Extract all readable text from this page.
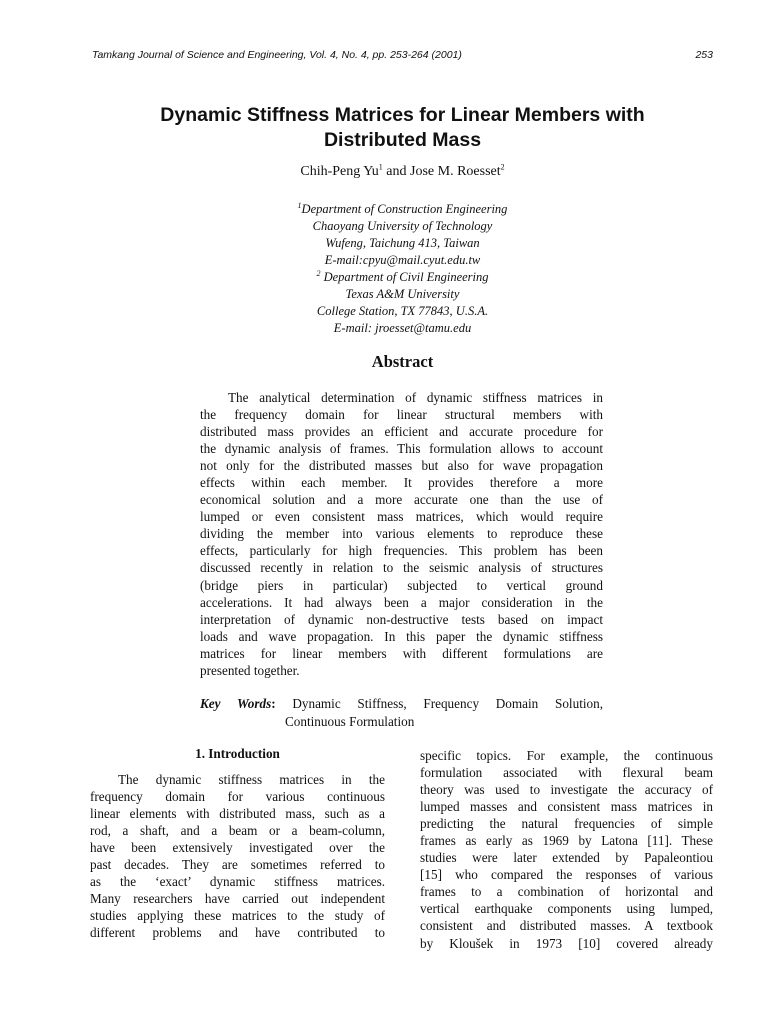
Tamkang Journal of Science and Engineering, Vol. 4, No. 4, pp. 253-264 (2001)	253
Dynamic Stiffness Matrices for Linear Members with
Distributed Mass
Chih-Peng Yu$^1$ and Jose M. Roesset$^2$
$^1$Department of Construction Engineering
Chaoyang University of Technology
Wufeng, Taichung 413, Taiwan
E-mail:cpyu@mail.cyut.edu.tw
$^2$ Department of Civil Engineering
Texas A&M University
College Station, TX 77843, U.S.A.
E-mail: jroesset@tamu.edu
Abstract
The analytical determination of dynamic stiffness matrices in
the frequency domain for linear structural members with
distributed mass provides an efficient and accurate procedure for
the dynamic analysis of frames. This formulation allows to account
not only for the distributed masses but also for wave propagation
effects within each member. It provides therefore a more
economical solution and a more accurate one than the use of
lumped or even consistent mass matrices, which would require
dividing the member into various elements to reproduce these
effects, particularly for high frequencies. This problem has been
discussed recently in relation to the seismic analysis of structures
(bridge piers in particular) subjected to vertical ground
accelerations. It had always been a major consideration in the
interpretation of dynamic non-destructive tests based on impact
loads and wave propagation. In this paper the dynamic stiffness
matrices for linear members with different formulations are
presented together.
Key Words: Dynamic Stiffness, Frequency Domain Solution,
Continuous Formulation
1. Introduction
The dynamic stiffness matrices in the
frequency domain for various continuous
linear elements with distributed mass, such as a
rod, a shaft, and a beam or a beam-column,
have been extensively investigated over the
past decades. They are sometimes referred to
as the ‘exact’ dynamic stiffness matrices.
Many researchers have carried out independent
studies applying these matrices to the study of
different problems and have contributed to
specific topics. For example, the continuous
formulation associated with flexural beam
theory was used to investigate the accuracy of
lumped masses and consistent mass matrices in
predicting the natural frequencies of simple
frames as early as 1969 by Latona [11]. These
studies were later extended by Papaleontiou
[15] who compared the responses of various
frames to a combination of horizontal and
vertical earthquake components using lumped,
consistent and distributed masses. A textbook
by Kloušek in 1973 [10] covered already
